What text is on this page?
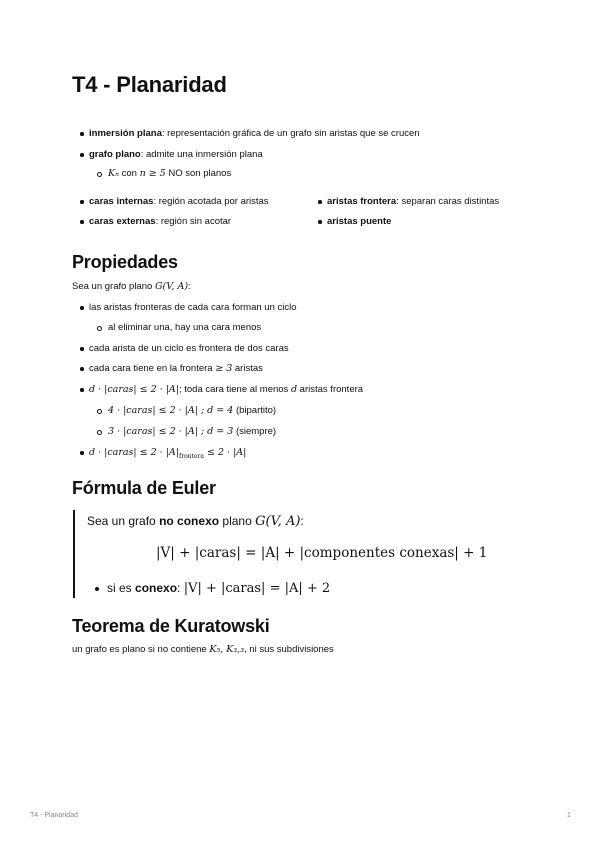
T4 - Planaridad
inmersión plana: representación gráfica de un grafo sin aristas que se crucen
grafo plano: admite una inmersión plana
Kₙ con n ≥ 5 NO son planos
caras internas: región acotada por aristas
caras externas: región sin acotar
aristas frontera: separan caras distintas
aristas puente
Propiedades
Sea un grafo plano G(V, A):
las aristas fronteras de cada cara forman un ciclo
al eliminar una, hay una cara menos
cada arista de un ciclo es frontera de dos caras
cada cara tiene en la frontera ≥ 3 aristas
d · |caras| ≤ 2 · |A|; toda cara tiene al menos d aristas frontera
4 · |caras| ≤ 2 · |A| ; d = 4 (bipartito)
3 · |caras| ≤ 2 · |A| ; d = 3 (siempre)
d · |caras| ≤ $2 \cdot |A|_{frontera} \le 2 \cdot |A|$
Fórmula de Euler
Sea un grafo no conexo plano G(V, A):
|V| + |caras| = |A| + |componentes conexas| + 1
si es conexo: |V| + |caras| = |A| + 2
Teorema de Kuratowski
un grafo es plano si no contiene K₅, K₃,₃, ni sus subdivisiones
T4 - Planaridad	1
